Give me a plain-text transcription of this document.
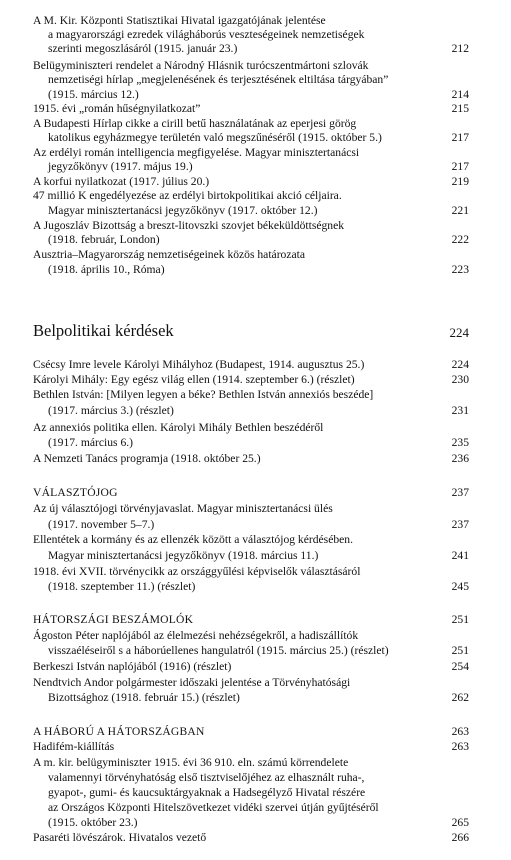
A M. Kir. Központi Statisztikai Hivatal igazgatójának jelentése
a magyarországi ezredek világháborús veszteségeinek nemzetiségek
szerinti megoszlásáról (1915. január 23.)	212
Belügyminiszteri rendelet a Národný Hlásnik turócszentmártoni szlovák
nemzetiségi hírlap „megjelenésének és terjesztésének eltiltása tárgyában”
(1915. március 12.)	214
1915. évi „román hűségnyilatkozat”	215
A Budapesti Hírlap cikke a cirill betű használatának az eperjesi görög
katolikus egyházmegye területén való megszűnéséről (1915. október 5.)	217
Az erdélyi román intelligencia megfigyelése. Magyar minisztertanácsi
jegyzőkönyv (1917. május 19.)	217
A korfui nyilatkozat (1917. július 20.)	219
47 millió K engedélyezése az erdélyi birtokpolitikai akció céljaira.
Magyar minisztertanácsi jegyzőkönyv (1917. október 12.)	221
A Jugoszláv Bizottság a breszt-litovszki szovjet békeküldöttségnek
(1918. február, London)	222
Ausztria–Magyarország nemzetiségeinek közös határozata
(1918. április 10., Róma)	223
Belpolitikai kérdések	224
Csécsy Imre levele Károlyi Mihályhoz (Budapest, 1914. augusztus 25.)	224
Károlyi Mihály: Egy egész világ ellen (1914. szeptember 6.) (részlet)	230
Bethlen István: [Milyen legyen a béke? Bethlen István annexiós beszéde]
(1917. március 3.) (részlet)	231
Az annexiós politika ellen. Károlyi Mihály Bethlen beszédéről
(1917. március 6.)	235
A Nemzeti Tanács programja (1918. október 25.)	236
VÁLASZTÓJOG	237
Az új választójogi törvényjavaslat. Magyar minisztertanácsi ülés
(1917. november 5–7.)	237
Ellentétek a kormány és az ellenzék között a választójog kérdésében.
Magyar minisztertanácsi jegyzőkönyv (1918. március 11.)	241
1918. évi XVII. törvénycikk az országgyűlési képviselők választásáról
(1918. szeptember 11.) (részlet)	245
HÁTORSZÁGI BESZÁMOLÓK	251
Ágoston Péter naplójából az élelmezési nehézségekről, a hadiszállítók
visszaéléseiről s a háborúellenes hangulatról (1915. március 25.) (részlet)	251
Berkeszi István naplójából (1916) (részlet)	254
Nendtvich Andor polgármester időszaki jelentése a Törvényhatósági
Bizottsághoz (1918. február 15.) (részlet)	262
A HÁBORÚ A HÁTORSZÁGBAN	263
Hadifém-kiállítás	263
A m. kir. belügyminiszter 1915. évi 36 910. eln. számú körrendelete
valamennyi törvényhatóság első tisztviselőjéhez az elhasznált ruha-,
gyapot-, gumi- és kaucsuktárgyaknak a Hadsegélyző Hivatal részére
az Országos Központi Hitelszövetkezet vidéki szervei útján gyűjtéséről
(1915. október 23.)	265
Pasaréti lövészárok. Hivatalos vezető	266
